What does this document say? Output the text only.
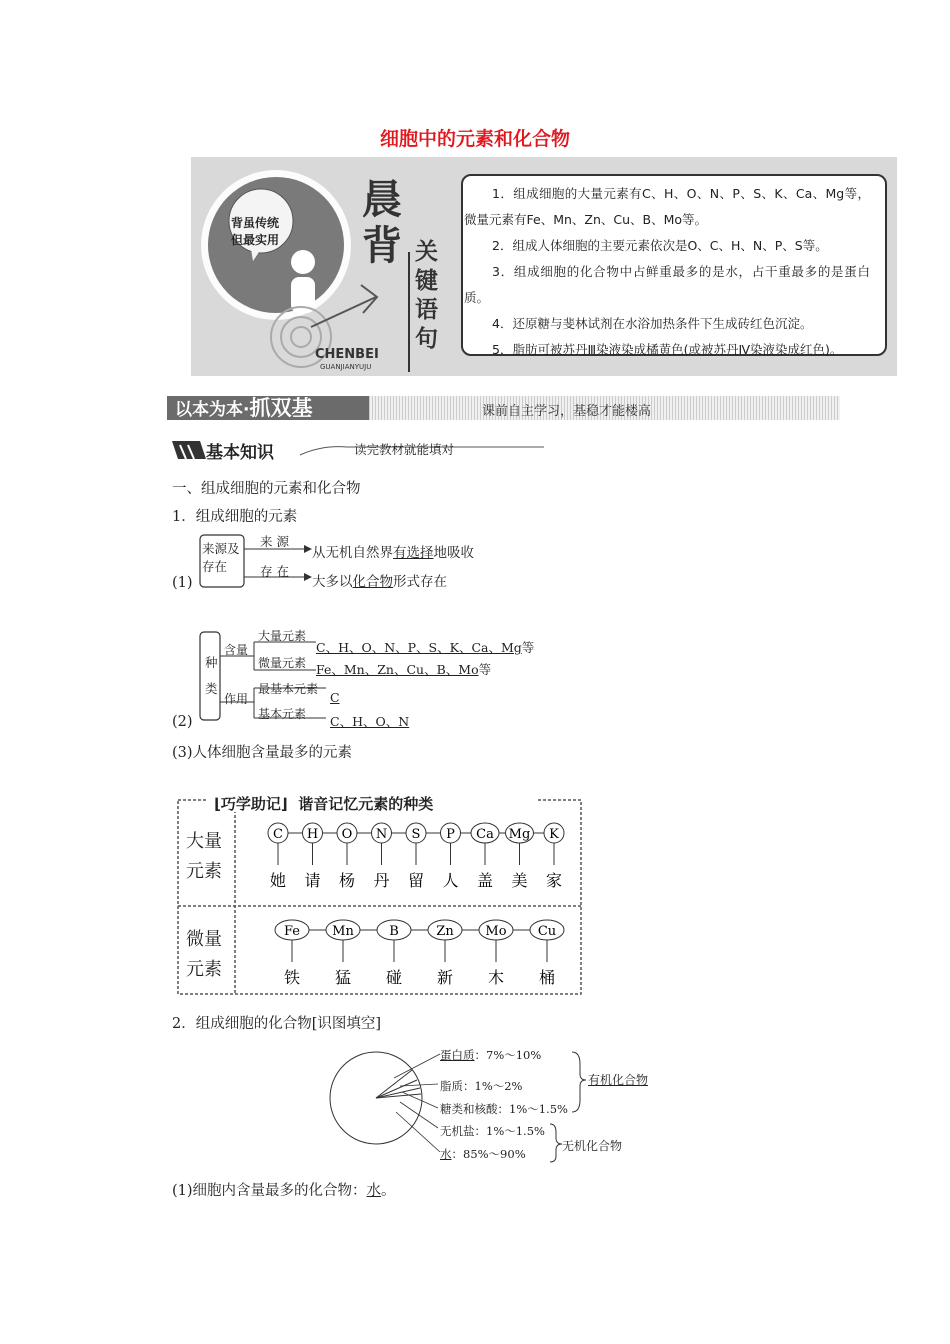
细胞中的元素和化合物
背虽传统
但最实用
晨
背 关
键
语
句
CHENBEI
GUANJIANYUJU

1．组成细胞的大量元素有C、H、O、N、P、S、K、Ca、Mg等，微量元素有Fe、Mn、Zn、Cu、B、Mo等。

2．组成人体细胞的主要元素依次是O、C、H、N、P、S等。

3．组成细胞的化合物中占鲜重最多的是水，占干重最多的是蛋白质。

4．还原糖与斐林试剂在水浴加热条件下生成砖红色沉淀。

5．脂肪可被苏丹Ⅲ染液染成橘黄色(或被苏丹Ⅳ染液染成红色)。

以本为本·抓双基	课前自主学习，基稳才能楼高
基本知识	读完教材就能填对
一、组成细胞的元素和化合物
1．组成细胞的元素
(1)
来源及
存在
来 源
存 在
从无机自然界有选择地吸收
大多以化合物形式存在
(2)
种
类
含量
作用
大量元素
微量元素
最基本元素
基本元素
C、H、O、N、P、S、K、Ca、Mg等
Fe、Mn、Zn、Cu、B、Mo等
C
C、H、O、N
(3)人体细胞含量最多的元素
⌊巧学助记⌋  谐音记忆元素的种类
大量
元素
微量
元素
C
她
H
请
O
杨
N
丹
S
留
P
人
Ca
盖
Mg
美
K
家
Fe
铁
Mn
猛
B
碰
Zn
新
Mo
木
Cu
桶
2．组成细胞的化合物[识图填空]
蛋白质：7%～10%
脂质：1%～2%
糖类和核酸：1%～1.5%
无机盐：1%～1.5%
水：85%～90%
有机化合物
无机化合物
(1)细胞内含量最多的化合物：水。
